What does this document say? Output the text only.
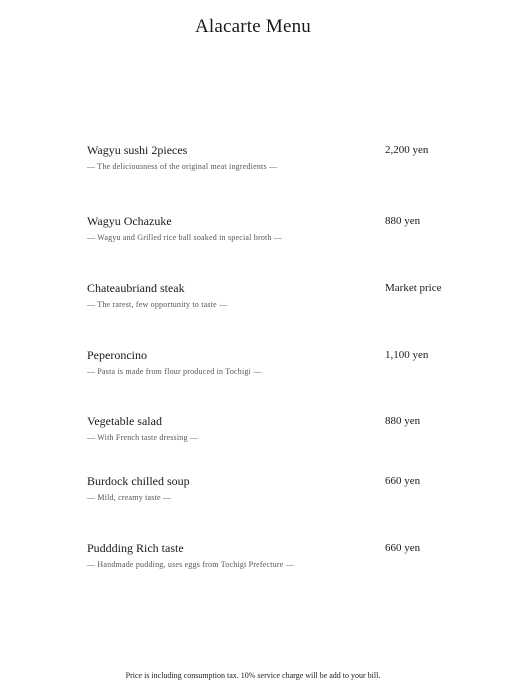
Alacarte Menu
Wagyu sushi 2pieces
— The deliciousness of the original meat ingredients —
2,200 yen
Wagyu Ochazuke
— Wagyu and Grilled rice ball soaked in special broth —
880 yen
Chateaubriand steak
— The rarest, few opportunity to taste —
Market price
Peperoncino
— Pasta is made from flour produced in Tochigi —
1,100 yen
Vegetable salad
— With French taste dressing —
880 yen
Burdock chilled soup
— Mild, creamy taste —
660 yen
Puddding Rich taste
— Handmade pudding, uses eggs from Tochigi Prefecture —
660 yen
Price is including consumption tax. 10% service charge will be add to your bill.
